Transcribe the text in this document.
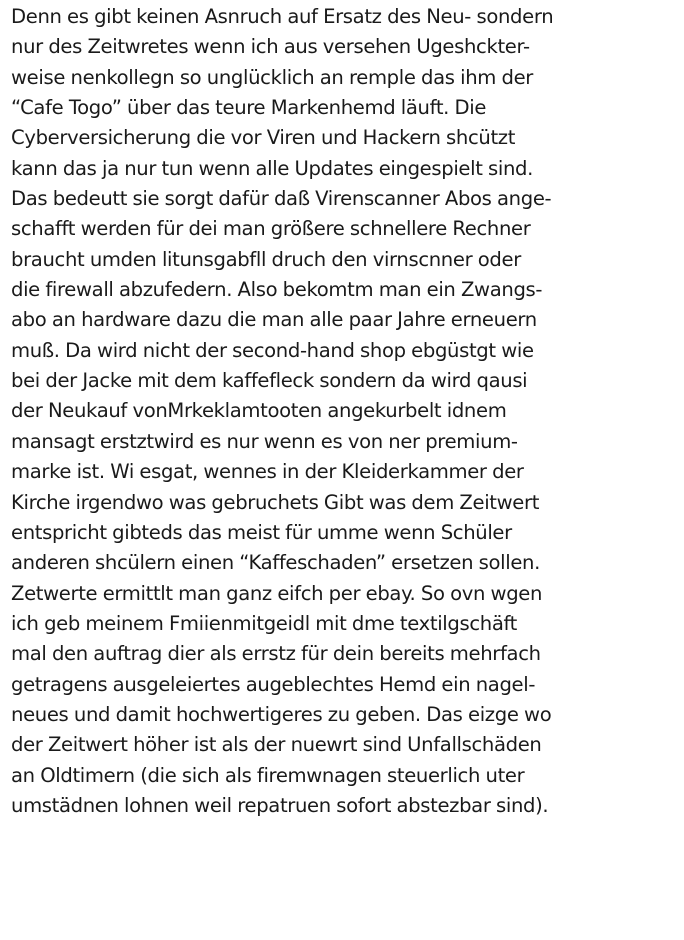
Denn es gibt keinen Asnruch auf Ersatz des Neu- sondern
nur des Zeitwretes wenn ich aus versehen Ugeshckter-
weise nenkollegn so unglücklich an remple das ihm der
“Cafe Togo” über das teure Markenhemd läuft. Die
Cyberversicherung die vor Viren und Hackern shcützt
kann das ja nur tun wenn alle Updates eingespielt sind.
Das bedeutt sie sorgt dafür daß Virenscanner Abos ange-
schafft werden für dei man größere schnellere Rechner
braucht umden litunsgabfll druch den virnscnner oder
die firewall abzufedern. Also bekomtm man ein Zwangs-
abo an hardware dazu die man alle paar Jahre erneuern
muß. Da wird nicht der second-hand shop ebgüstgt wie
bei der Jacke mit dem kaffefleck sondern da wird qausi
der Neukauf vonMrkeklamtooten angekurbelt idnem
mansagt erstztwird es nur wenn es von ner premium-
marke ist. Wi esgat, wennes in der Kleiderkammer der
Kirche irgendwo was gebruchets Gibt was dem Zeitwert
entspricht gibteds das meist für umme wenn Schüler
anderen shcülern einen “Kaffeschaden” ersetzen sollen.
Zetwerte ermittlt man ganz eifch per ebay. So ovn wgen
ich geb meinem Fmiienmitgeidl mit dme textilgschäft
mal den auftrag dier als errstz für dein bereits mehrfach
getragens ausgeleiertes augeblechtes Hemd ein nagel-
neues und damit hochwertigeres zu geben. Das eizge wo
der Zeitwert höher ist als der nuewrt sind Unfallschäden
an Oldtimern (die sich als firemwnagen steuerlich uter
umstädnen lohnen weil repatruen sofort abstezbar sind).
